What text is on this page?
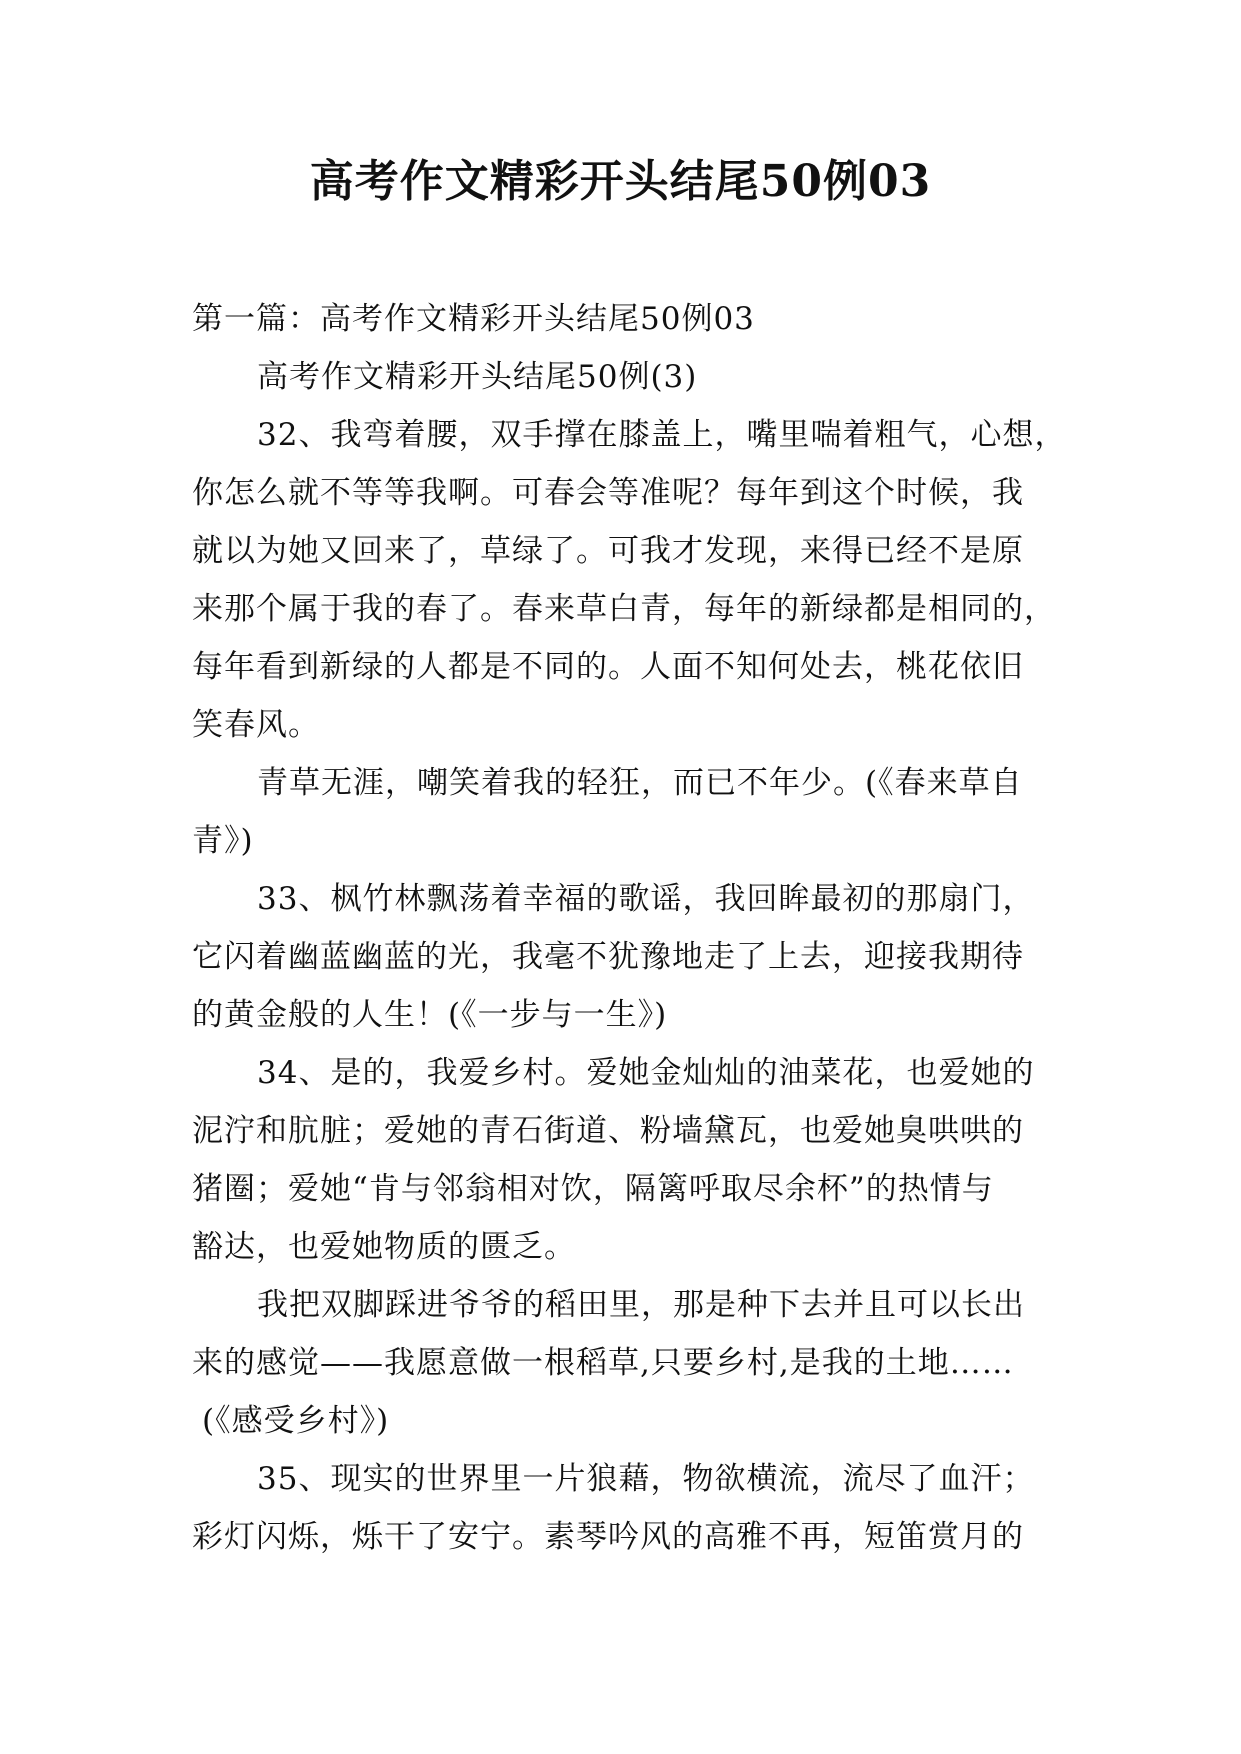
高考作文精彩开头结尾50例03

第一篇：高考作文精彩开头结尾50例03

高考作文精彩开头结尾50例(3)

32、我弯着腰，双手撑在膝盖上，嘴里喘着粗气，心想，

你怎么就不等等我啊。可春会等准呢？每年到这个时候，我

就以为她又回来了，草绿了。可我才发现，来得已经不是原

来那个属于我的春了。春来草白青，每年的新绿都是相同的，

每年看到新绿的人都是不同的。人面不知何处去，桃花依旧

笑春风。

青草无涯，嘲笑着我的轻狂，而已不年少。(《春来草自

青》)

33、枫竹林飘荡着幸福的歌谣，我回眸最初的那扇门，

它闪着幽蓝幽蓝的光，我毫不犹豫地走了上去，迎接我期待

的黄金般的人生！(《一步与一生》)

34、是的，我爱乡村。爱她金灿灿的油菜花，也爱她的

泥泞和肮脏；爱她的青石街道、粉墙黛瓦，也爱她臭哄哄的

猪圈；爱她“肯与邻翁相对饮，隔篱呼取尽余杯”的热情与

豁达，也爱她物质的匮乏。

我把双脚踩进爷爷的稻田里，那是种下去并且可以长出

来的感觉——我愿意做一根稻草,只要乡村,是我的土地……

(《感受乡村》)

35、现实的世界里一片狼藉，物欲横流，流尽了血汗；

彩灯闪烁，烁干了安宁。素琴吟风的高雅不再，短笛赏月的
